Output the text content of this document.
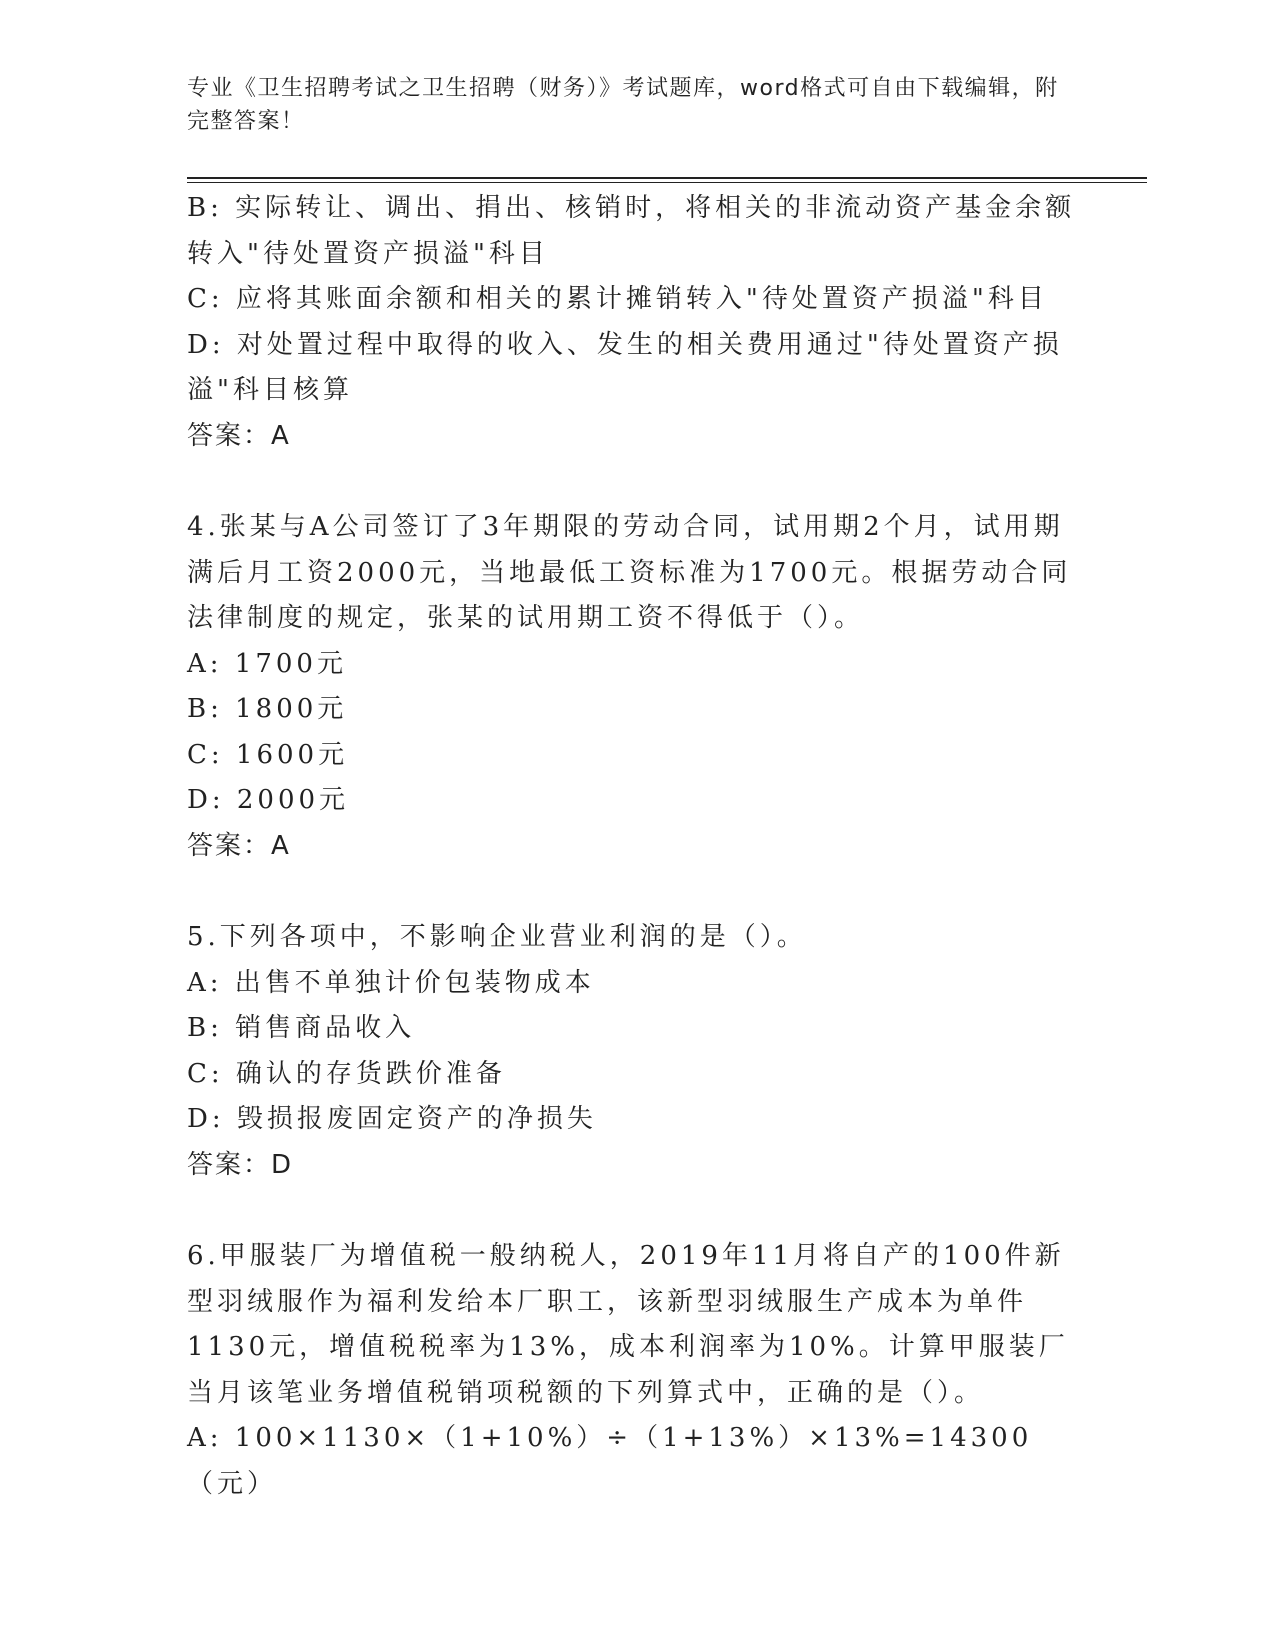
专业《卫生招聘考试之卫生招聘（财务）》考试题库，word格式可自由下载编辑，附完整答案！

B: 实际转让、调出、捐出、核销时，将相关的非流动资产基金余额转入"待处置资产损溢"科目

C: 应将其账面余额和相关的累计摊销转入"待处置资产损溢"科目

D: 对处置过程中取得的收入、发生的相关费用通过"待处置资产损溢"科目核算

答案：A

4.张某与A公司签订了3年期限的劳动合同，试用期2个月，试用期满后月工资2000元，当地最低工资标准为1700元。根据劳动合同法律制度的规定，张某的试用期工资不得低于（）。

A: 1700元

B: 1800元

C: 1600元

D: 2000元

答案：A

5.下列各项中，不影响企业营业利润的是（）。

A: 出售不单独计价包装物成本

B: 销售商品收入

C: 确认的存货跌价准备

D: 毁损报废固定资产的净损失

答案：D

6.甲服装厂为增值税一般纳税人，2019年11月将自产的100件新型羽绒服作为福利发给本厂职工，该新型羽绒服生产成本为单件1130元，增值税税率为13%，成本利润率为10%。计算甲服装厂当月该笔业务增值税销项税额的下列算式中，正确的是（）。

A: 100×1130×（1+10%）÷（1+13%）×13%=14300（元）
